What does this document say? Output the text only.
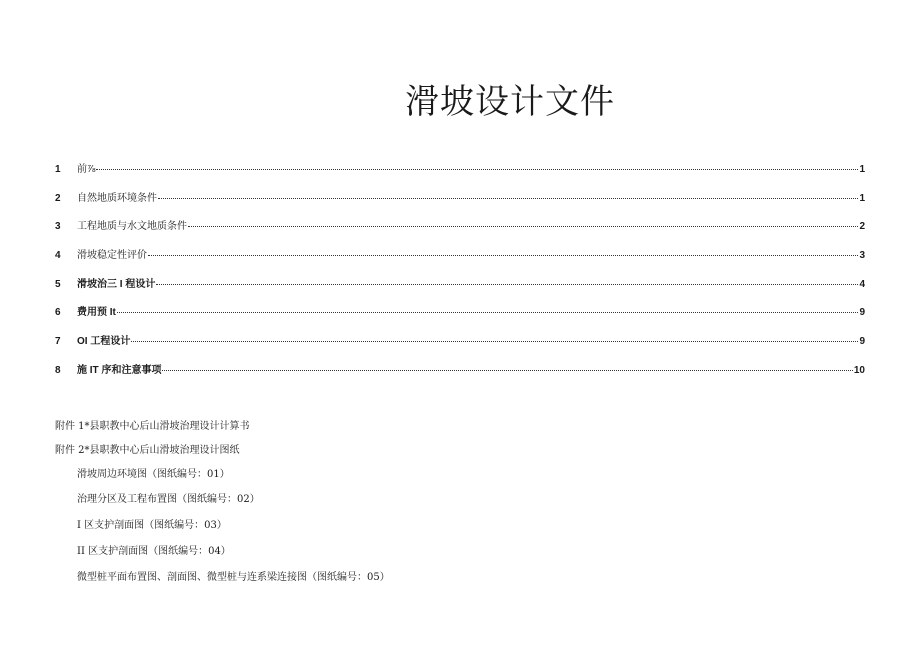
滑坡设计文件
1	前⅞	1
2	自然地质环境条件	1
3	工程地质与水文地质条件	2
4	滑坡稳定性评价	3
5	滑坡治三 I 程设计	4
6	费用预 It	9
7	OI 工程设计	9
8	施 IT 序和注意事项	10
附件 1*县职教中心后山滑坡治理设计计算书
附件 2*县职教中心后山滑坡治理设计图纸
滑坡周边环境图（图纸编号：01）
治理分区及工程布置图（图纸编号：02）
I 区支护剖面图（图纸编号：03）
II 区支护剖面图（图纸编号：04）
微型桩平面布置图、剖面图、微型桩与连系梁连接图（图纸编号：05）
